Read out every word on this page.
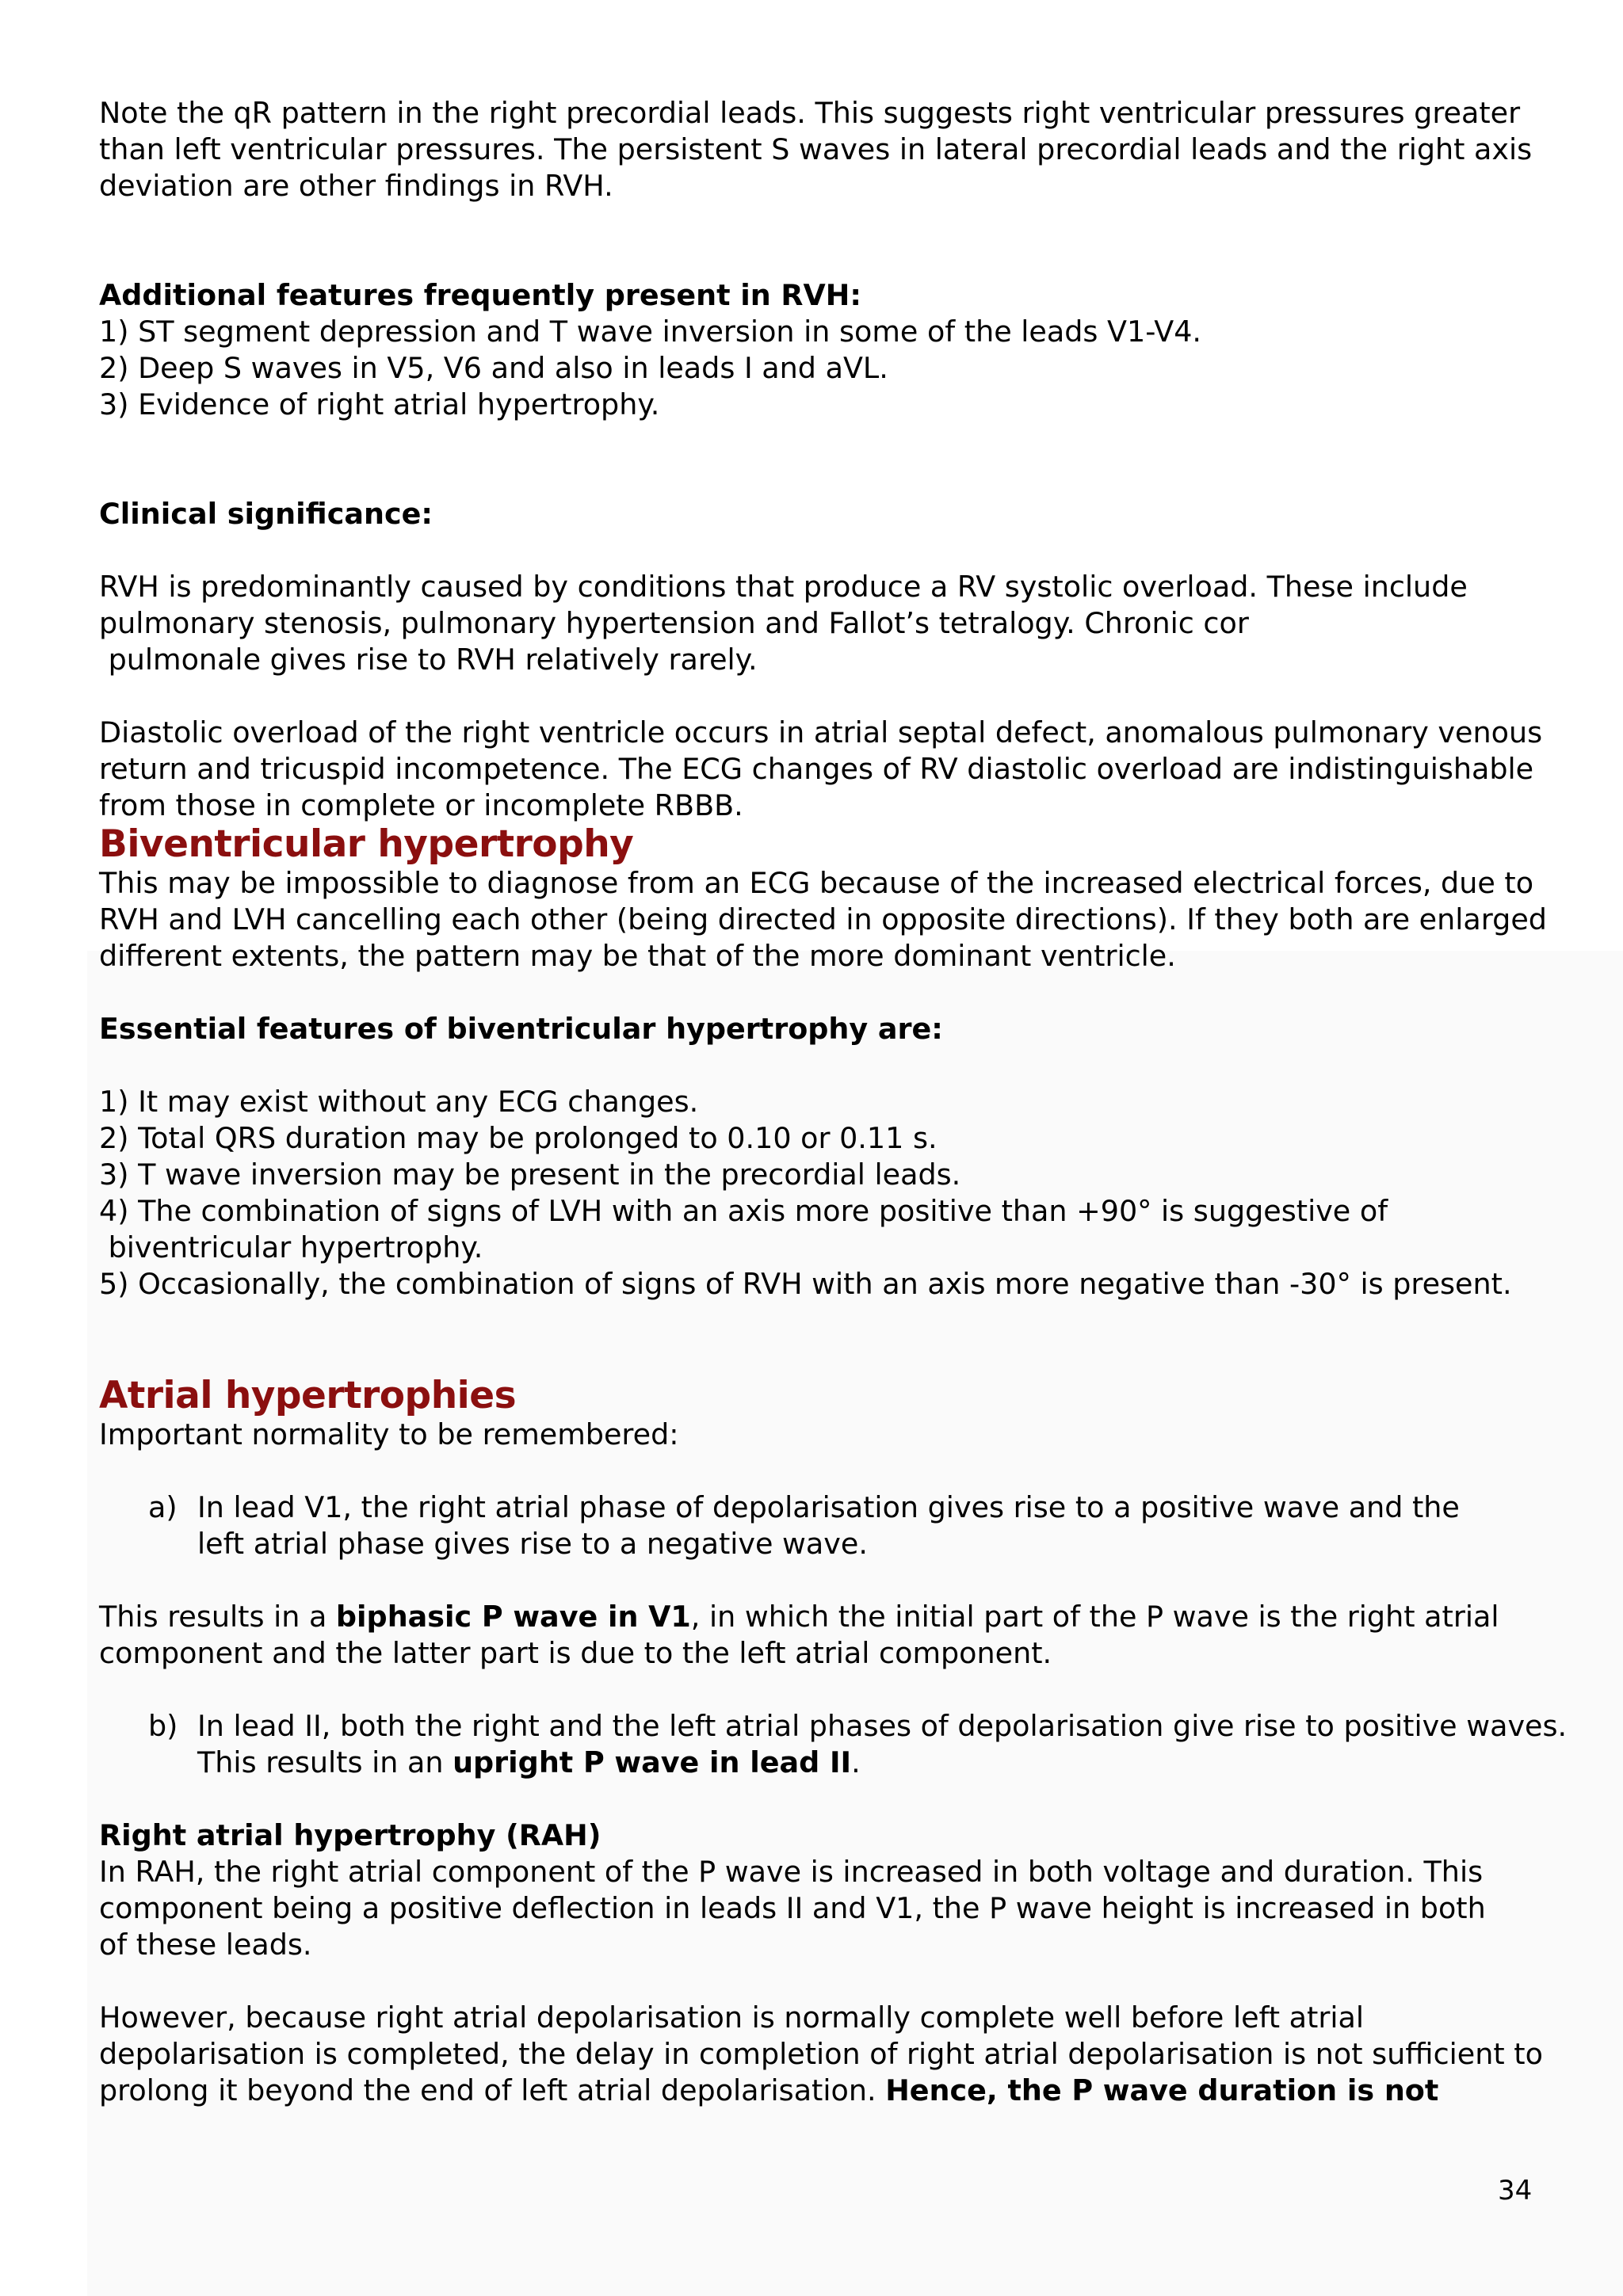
Note the qR pattern in the right precordial leads. This suggests right ventricular pressures greater

than left ventricular pressures. The persistent S waves in lateral precordial leads and the right axis

deviation are other findings in RVH.

Additional features frequently present in RVH:

1) ST segment depression and T wave inversion in some of the leads V1-V4.

2) Deep S waves in V5, V6 and also in leads I and aVL.

3) Evidence of right atrial hypertrophy.

Clinical significance:

RVH is predominantly caused by conditions that produce a RV systolic overload. These include

pulmonary stenosis, pulmonary hypertension and Fallot’s tetralogy. Chronic cor

pulmonale gives rise to RVH relatively rarely.

Diastolic overload of the right ventricle occurs in atrial septal defect, anomalous pulmonary venous

return and tricuspid incompetence. The ECG changes of RV diastolic overload are indistinguishable

from those in complete or incomplete RBBB.

Biventricular hypertrophy

This may be impossible to diagnose from an ECG because of the increased electrical forces, due to

RVH and LVH cancelling each other (being directed in opposite directions). If they both are enlarged

different extents, the pattern may be that of the more dominant ventricle.

Essential features of biventricular hypertrophy are:

1) It may exist without any ECG changes.

2) Total QRS duration may be prolonged to 0.10 or 0.11 s.

3) T wave inversion may be present in the precordial leads.

4) The combination of signs of LVH with an axis more positive than +90° is suggestive of

biventricular hypertrophy.

5) Occasionally, the combination of signs of RVH with an axis more negative than -30° is present.

Atrial hypertrophies

Important normality to be remembered:

a) In lead V1, the right atrial phase of depolarisation gives rise to a positive wave and the

left atrial phase gives rise to a negative wave.

This results in a biphasic P wave in V1, in which the initial part of the P wave is the right atrial

component and the latter part is due to the left atrial component.

b) In lead II, both the right and the left atrial phases of depolarisation give rise to positive waves.

This results in an upright P wave in lead II.

Right atrial hypertrophy (RAH)

In RAH, the right atrial component of the P wave is increased in both voltage and duration. This

component being a positive deflection in leads II and V1, the P wave height is increased in both

of these leads.

However, because right atrial depolarisation is normally complete well before left atrial

depolarisation is completed, the delay in completion of right atrial depolarisation is not sufficient to

prolong it beyond the end of left atrial depolarisation. Hence, the P wave duration is not

34
